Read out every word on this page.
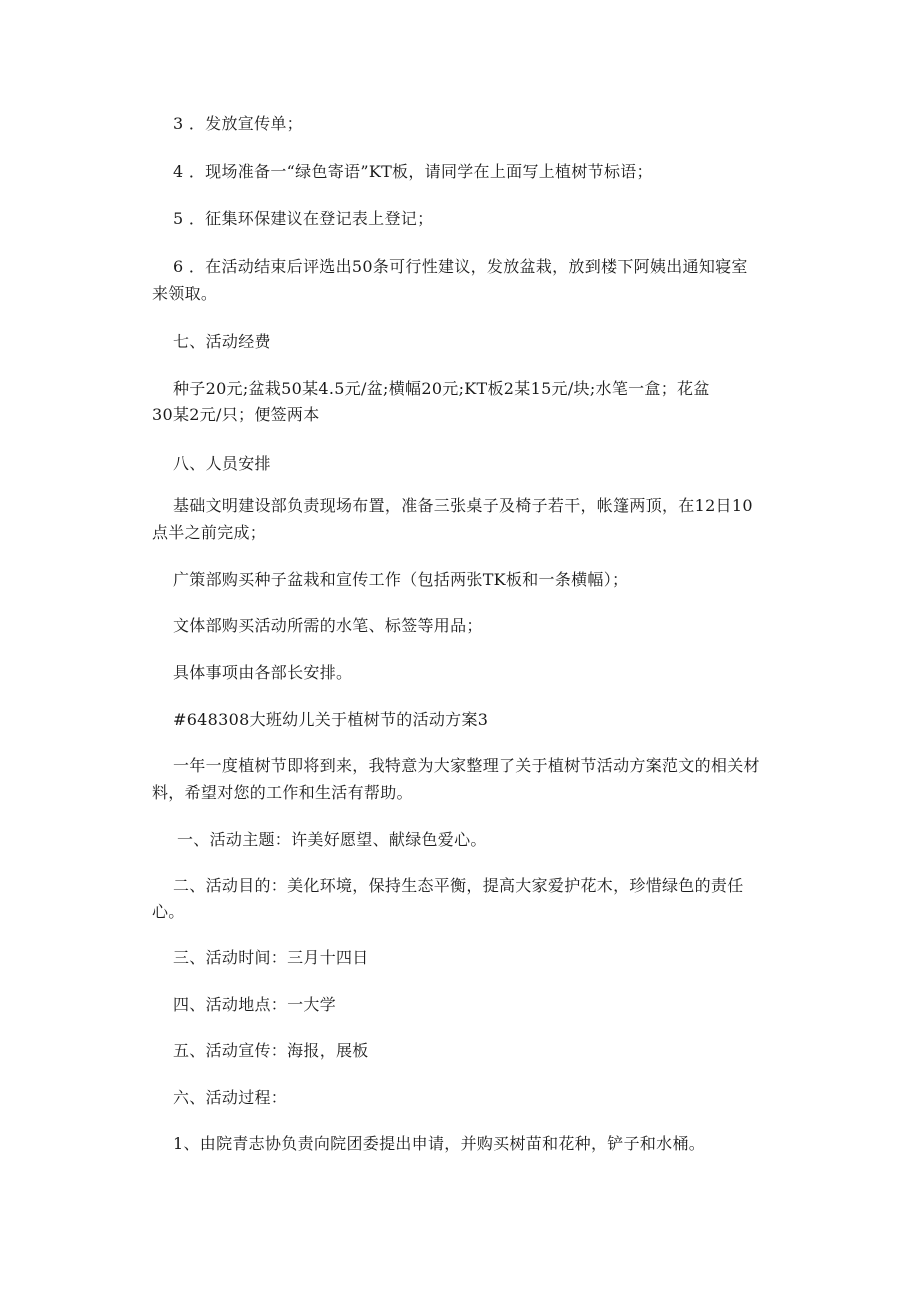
3 ．发放宣传单；

4 ．现场准备一“绿色寄语”KT板，请同学在上面写上植树节标语；

5 ．征集环保建议在登记表上登记；

6 ．在活动结束后评选出50条可行性建议，发放盆栽，放到楼下阿姨出通知寝室

来领取。

七、活动经费

种子20元;盆栽50某4.5元/盆;横幅20元;KT板2某15元/块;水笔一盒；花盆

30某2元/只；便签两本

八、人员安排

基础文明建设部负责现场布置，准备三张桌子及椅子若干，帐篷两顶，在12日10

点半之前完成；

广策部购买种子盆栽和宣传工作（包括两张TK板和一条横幅）；

文体部购买活动所需的水笔、标签等用品；

具体事项由各部长安排。

#648308大班幼儿关于植树节的活动方案3

一年一度植树节即将到来，我特意为大家整理了关于植树节活动方案范文的相关材

料，希望对您的工作和生活有帮助。

一、活动主题：许美好愿望、献绿色爱心。

二、活动目的：美化环境，保持生态平衡，提高大家爱护花木，珍惜绿色的责任

心。

三、活动时间：三月十四日

四、活动地点：一大学

五、活动宣传：海报，展板

六、活动过程：

1、由院青志协负责向院团委提出申请，并购买树苗和花种，铲子和水桶。
